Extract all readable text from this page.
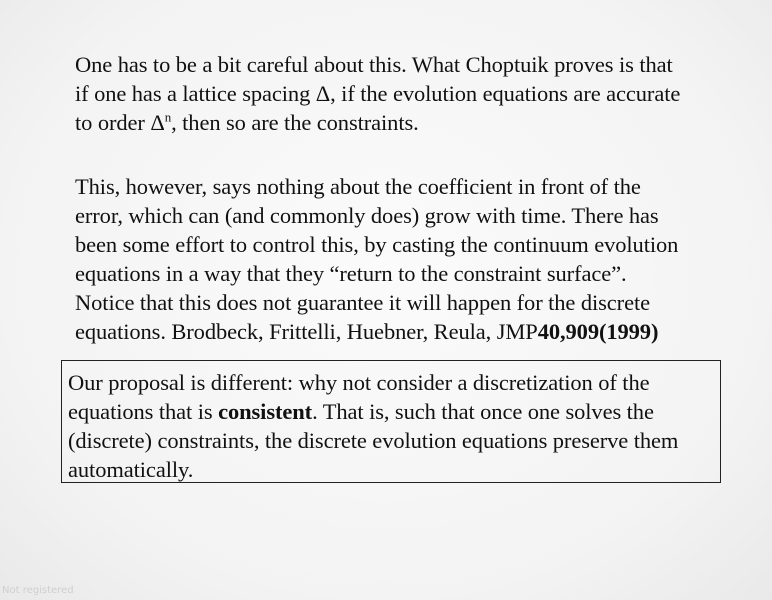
One has to be a bit careful about this. What Choptuik proves is that
if one has a lattice spacing Δ, if the evolution equations are accurate
to order $\Delta^n$, then so are the constraints.
This, however, says nothing about the coefficient in front of the
error, which can (and commonly does) grow with time. There has
been some effort to control this, by casting the continuum evolution
equations in a way that they “return to the constraint surface”.
Notice that this does not guarantee it will happen for the discrete
equations. Brodbeck, Frittelli, Huebner, Reula, JMP40,909(1999)
Our proposal is different: why not consider a discretization of the
equations that is consistent. That is, such that once one solves the
(discrete) constraints, the discrete evolution equations preserve them
automatically.
Not registered
